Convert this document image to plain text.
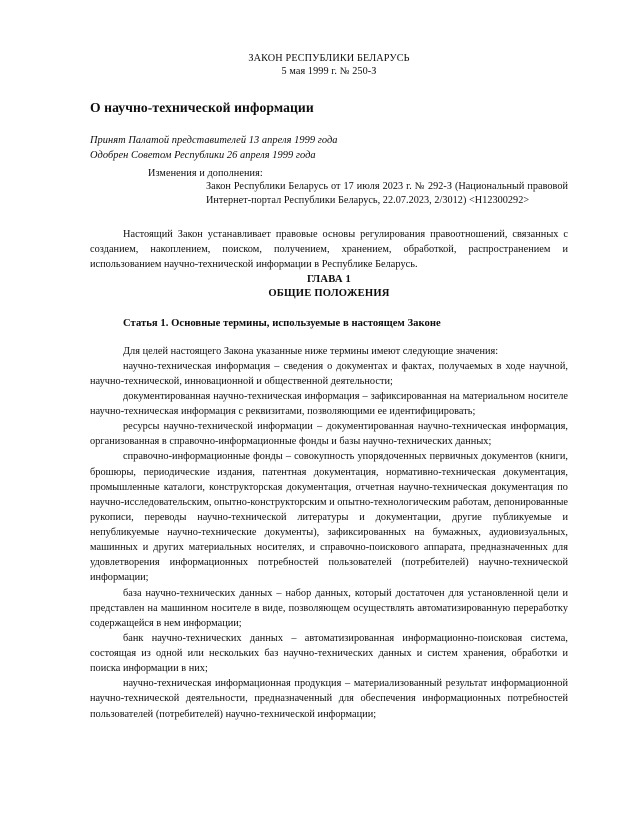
ЗАКОН РЕСПУБЛИКИ БЕЛАРУСЬ
5 мая 1999 г. № 250-З
О научно-технической информации
Принят Палатой представителей 13 апреля 1999 года
Одобрен Советом Республики 26 апреля 1999 года
Изменения и дополнения:
Закон Республики Беларусь от 17 июля 2023 г. № 292-З (Национальный правовой Интернет-портал Республики Беларусь, 22.07.2023, 2/3012) <H12300292>

Настоящий Закон устанавливает правовые основы регулирования правоотношений, связанных с созданием, накоплением, поиском, получением, хранением, обработкой, распространением и использованием научно-технической информации в Республике Беларусь.

ГЛАВА 1
ОБЩИЕ ПОЛОЖЕНИЯ
Статья 1. Основные термины, используемые в настоящем Законе

Для целей настоящего Закона указанные ниже термины имеют следующие значения:

научно-техническая информация – сведения о документах и фактах, получаемых в ходе научной, научно-технической, инновационной и общественной деятельности;

документированная научно-техническая информация – зафиксированная на материальном носителе научно-техническая информация с реквизитами, позволяющими ее идентифицировать;

ресурсы научно-технической информации – документированная научно-техническая информация, организованная в справочно-информационные фонды и базы научно-технических данных;

справочно-информационные фонды – совокупность упорядоченных первичных документов (книги, брошюры, периодические издания, патентная документация, нормативно-техническая документация, промышленные каталоги, конструкторская документация, отчетная научно-техническая документация по научно-исследовательским, опытно-конструкторским и опытно-технологическим работам, депонированные рукописи, переводы научно-технической литературы и документации, другие публикуемые и непубликуемые научно-технические документы), зафиксированных на бумажных, аудиовизуальных, машинных и других материальных носителях, и справочно-поискового аппарата, предназначенных для удовлетворения информационных потребностей пользователей (потребителей) научно-технической информации;

база научно-технических данных – набор данных, который достаточен для установленной цели и представлен на машинном носителе в виде, позволяющем осуществлять автоматизированную переработку содержащейся в нем информации;

банк научно-технических данных – автоматизированная информационно-поисковая система, состоящая из одной или нескольких баз научно-технических данных и систем хранения, обработки и поиска информации в них;

научно-техническая информационная продукция – материализованный результат информационной научно-технической деятельности, предназначенный для обеспечения информационных потребностей пользователей (потребителей) научно-технической информации;
